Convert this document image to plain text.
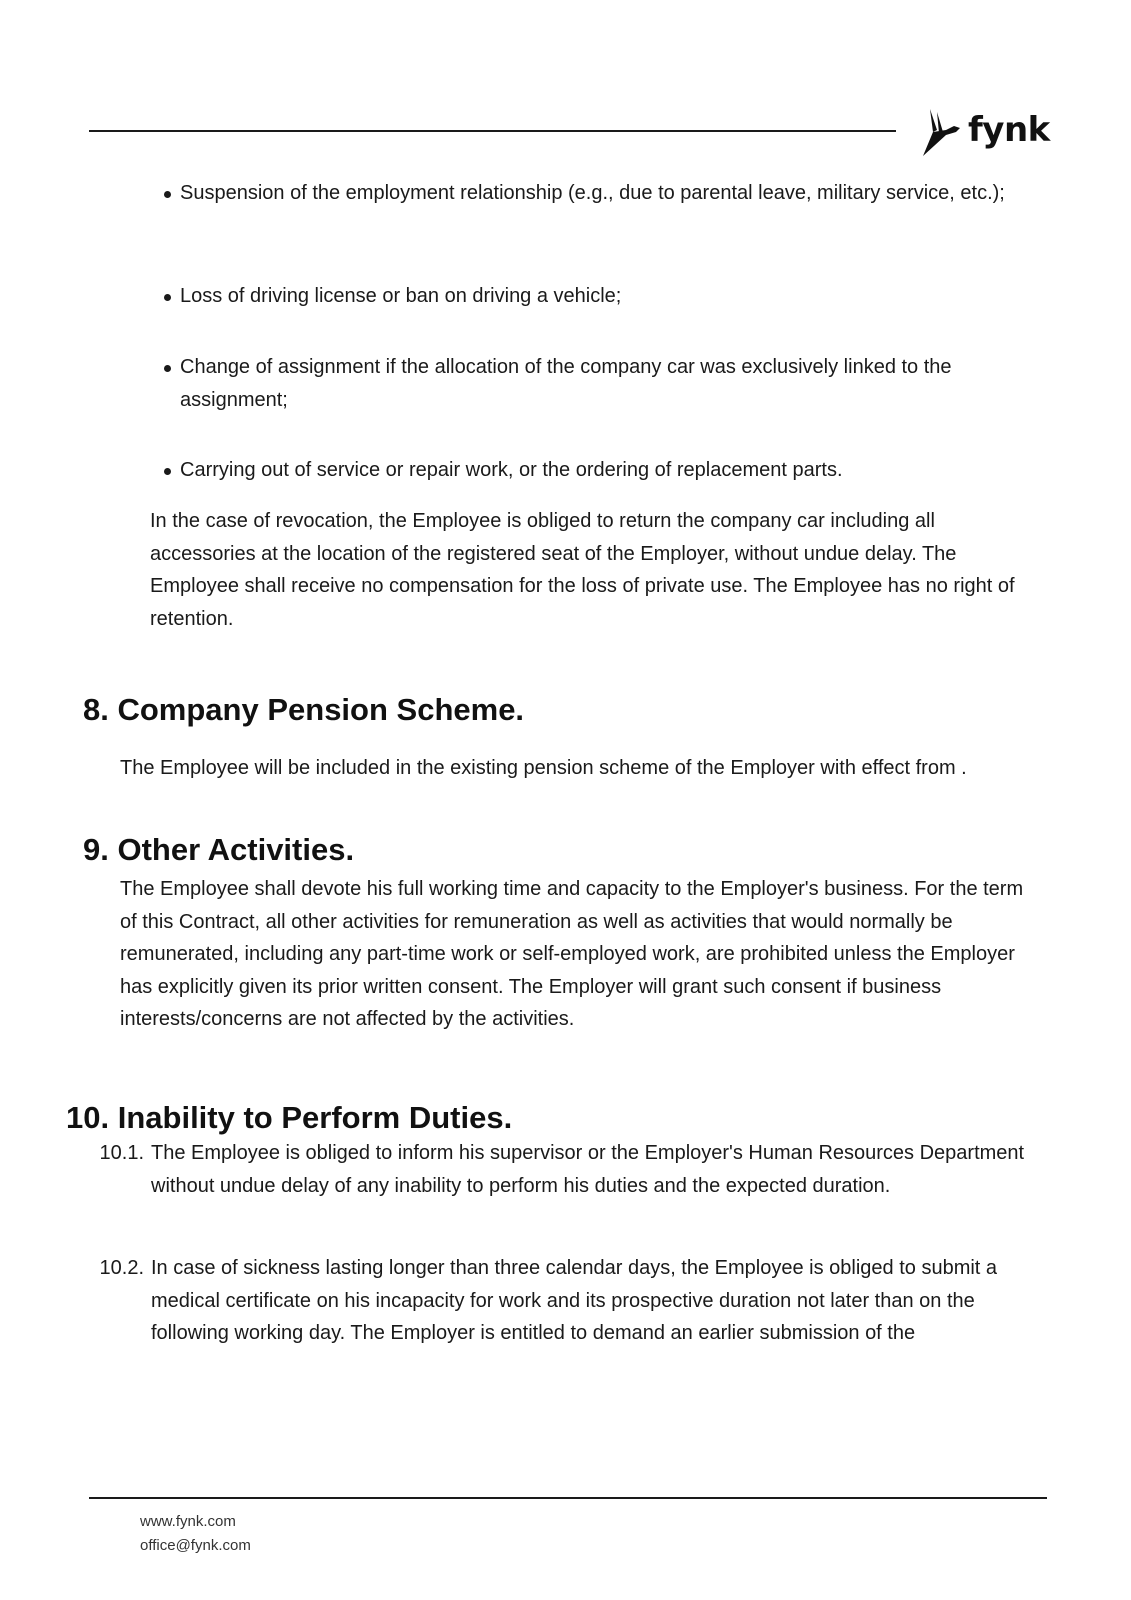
fynk
Suspension of the employment relationship (e.g., due to parental leave, military service, etc.);
Loss of driving license or ban on driving a vehicle;
Change of assignment if the allocation of the company car was exclusively linked to the assignment;
Carrying out of service or repair work, or the ordering of replacement parts.
In the case of revocation, the Employee is obliged to return the company car including all accessories at the location of the registered seat of the Employer, without undue delay. The Employee shall receive no compensation for the loss of private use. The Employee has no right of retention.
8. Company Pension Scheme.
The Employee will be included in the existing pension scheme of the Employer with effect from .
9. Other Activities.
The Employee shall devote his full working time and capacity to the Employer's business. For the term of this Contract, all other activities for remuneration as well as activities that would normally be remunerated, including any part-time work or self-employed work, are prohibited unless the Employer has explicitly given its prior written consent. The Employer will grant such consent if business interests/concerns are not affected by the activities.
10. Inability to Perform Duties.
10.1. The Employee is obliged to inform his supervisor or the Employer's Human Resources Department without undue delay of any inability to perform his duties and the expected duration.
10.2. In case of sickness lasting longer than three calendar days, the Employee is obliged to submit a medical certificate on his incapacity for work and its prospective duration not later than on the following working day. The Employer is entitled to demand an earlier submission of the
www.fynk.com
office@fynk.com
